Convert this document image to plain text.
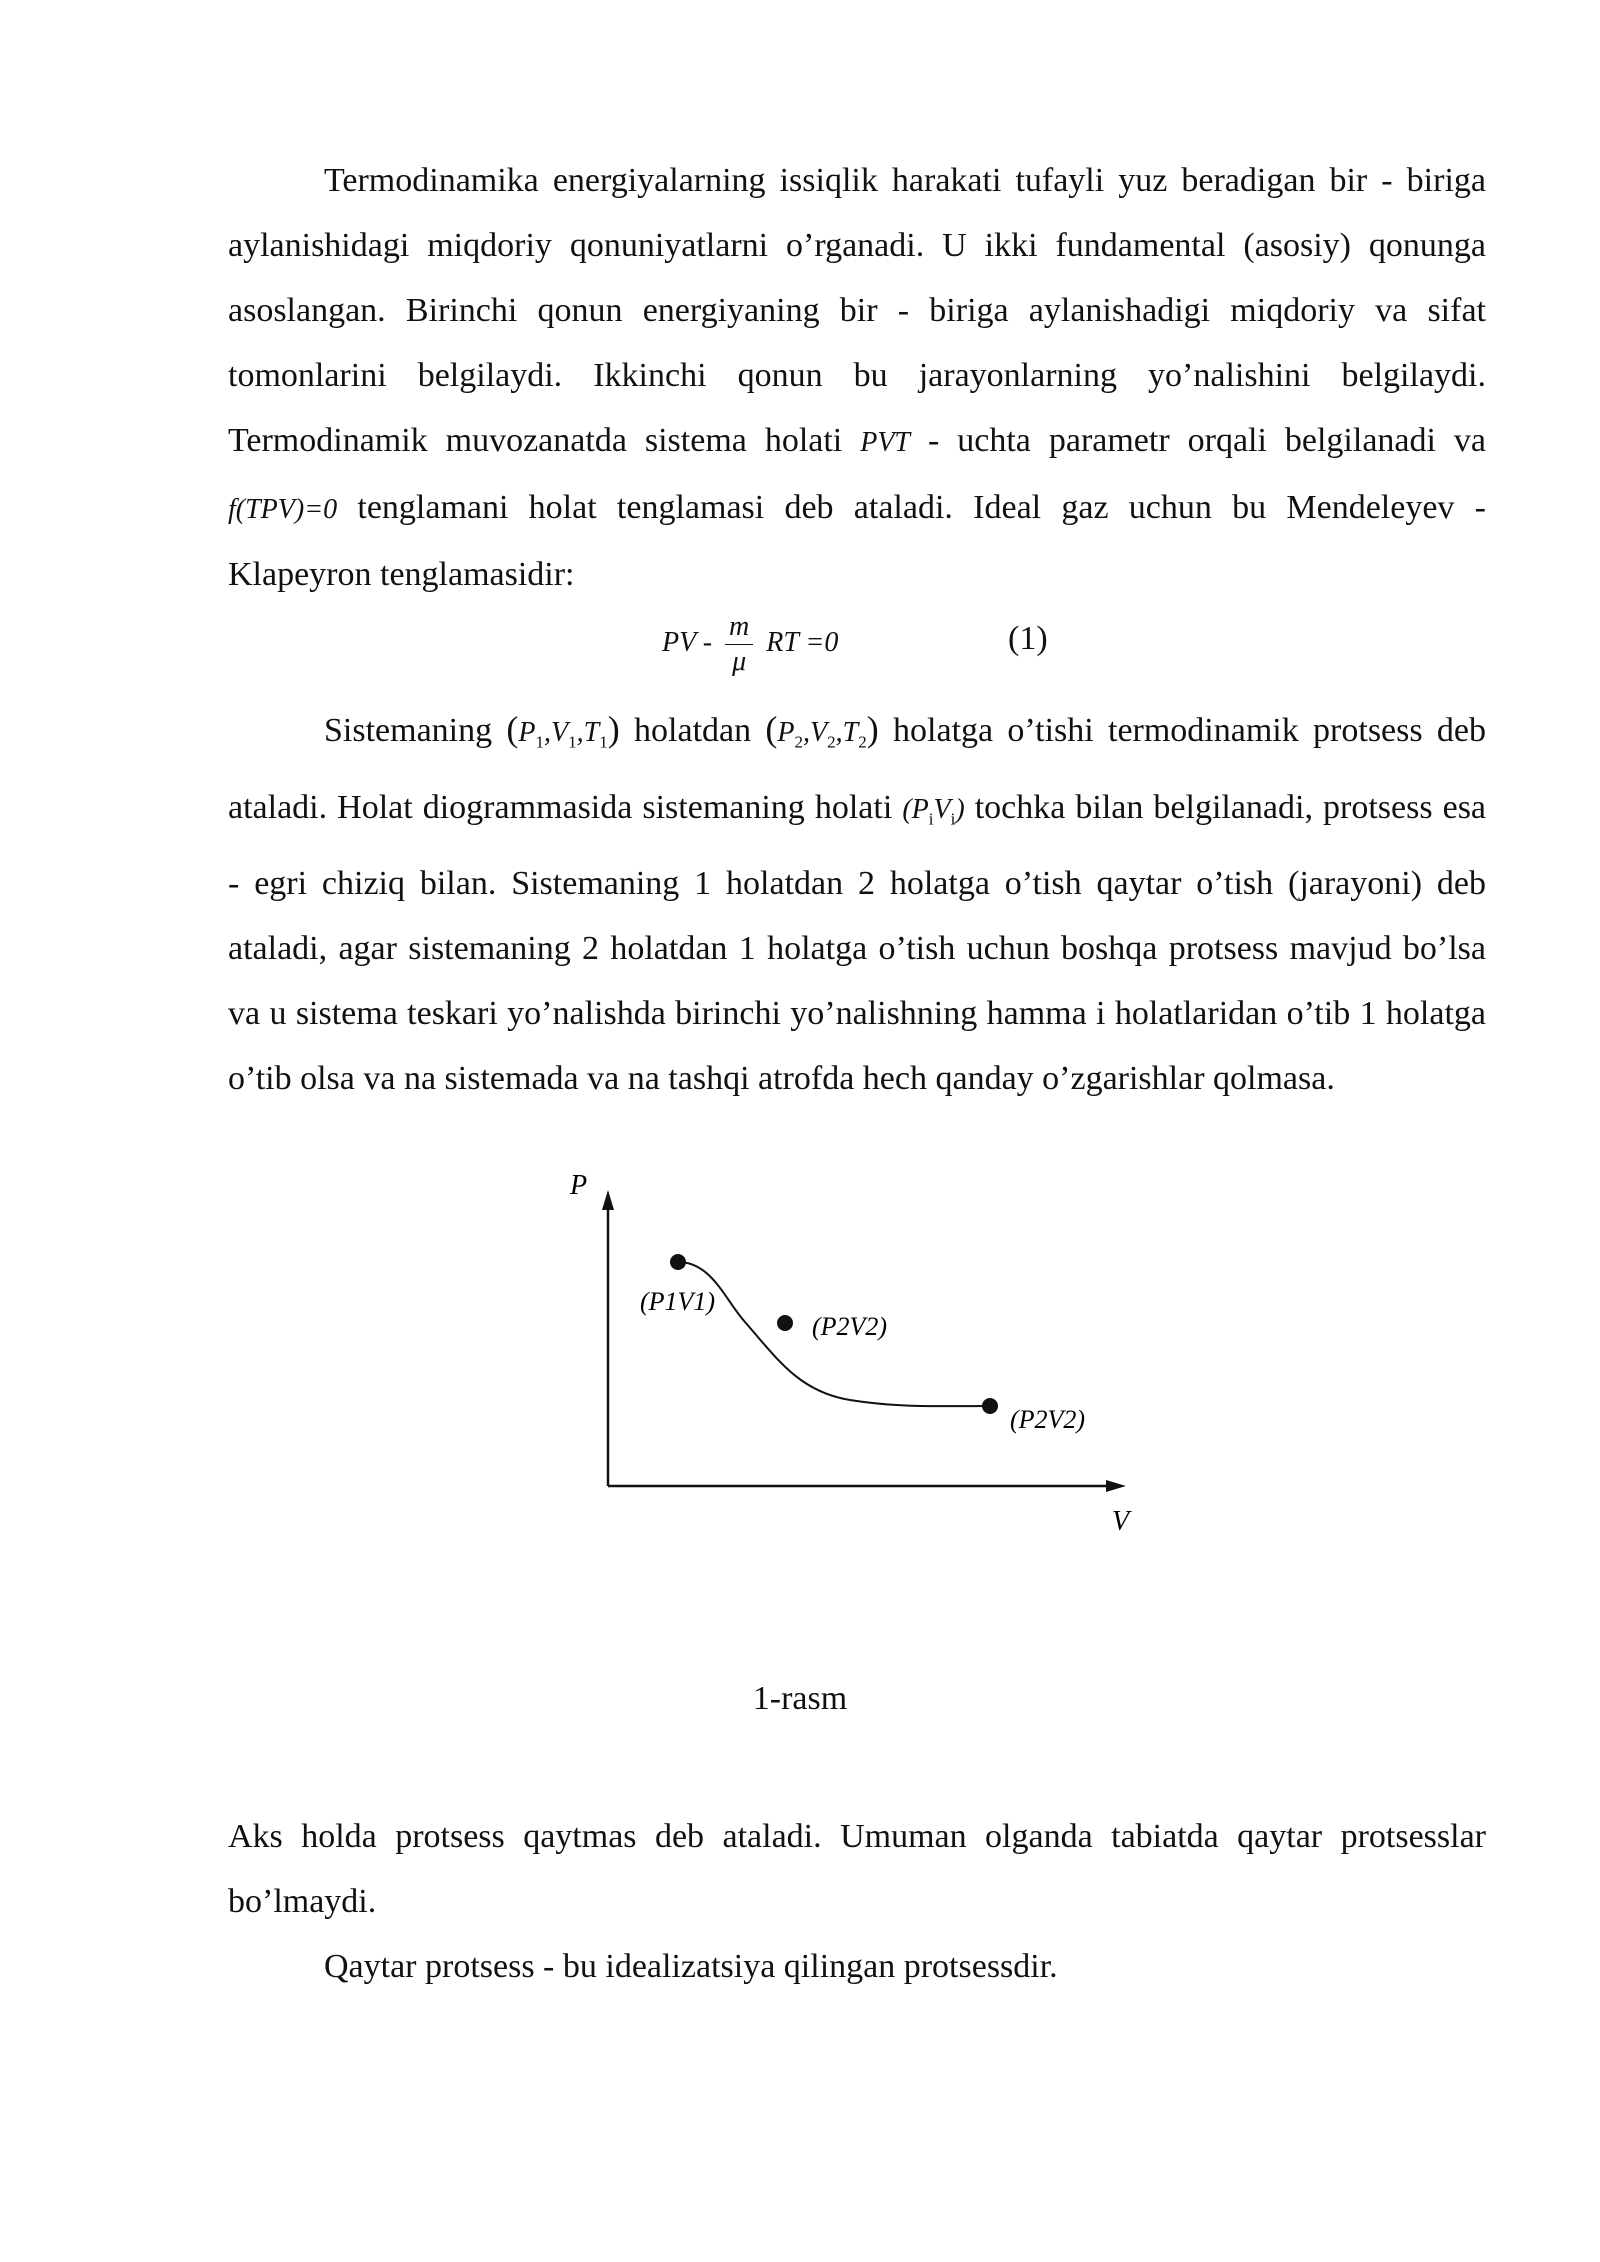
Termodinamika energiyalarning issiqlik harakati tufayli yuz beradigan bir - biriga aylanishidagi miqdoriy qonuniyatlarni o’rganadi. U ikki fundamental (asosiy) qonunga asoslangan. Birinchi qonun energiyaning bir - biriga aylanishadigi miqdoriy va sifat tomonlarini belgilaydi. Ikkinchi qonun bu jarayonlarning yo’nalishini belgilaydi. Termodinamik muvozanatda sistema holati PVT - uchta parametr orqali belgilanadi va f(TPV)=0 tenglamani holat tenglamasi deb ataladi. Ideal gaz uchun bu Mendeleyev - Klapeyron tenglamasidir:

PV - $\frac{m}{\mu}$ RT =0	(1)

Sistemaning $(P_1,V_1,T_1)$ holatdan $(P_2,V_2,T_2)$ holatga o’tishi termodinamik protsess deb ataladi. Holat diogrammasida sistemaning holati $(P_iV_i)$ tochka bilan belgilanadi, protsess esa - egri chiziq bilan. Sistemaning 1 holatdan 2 holatga o’tish qaytar o’tish (jarayoni) deb ataladi, agar sistemaning 2 holatdan 1 holatga o’tish uchun boshqa protsess mavjud bo’lsa va u sistema teskari yo’nalishda birinchi yo’nalishning hamma i holatlaridan o’tib 1 holatga o’tib olsa va na sistemada va na tashqi atrofda hech qanday o’zgarishlar qolmasa.

P
V
(P1V1)
(P2V2)
(P2V2)
1-rasm

Aks holda protsess qaytmas deb ataladi. Umuman olganda tabiatda qaytar protsesslar bo’lmaydi.

Qaytar protsess - bu idealizatsiya qilingan protsessdir.
